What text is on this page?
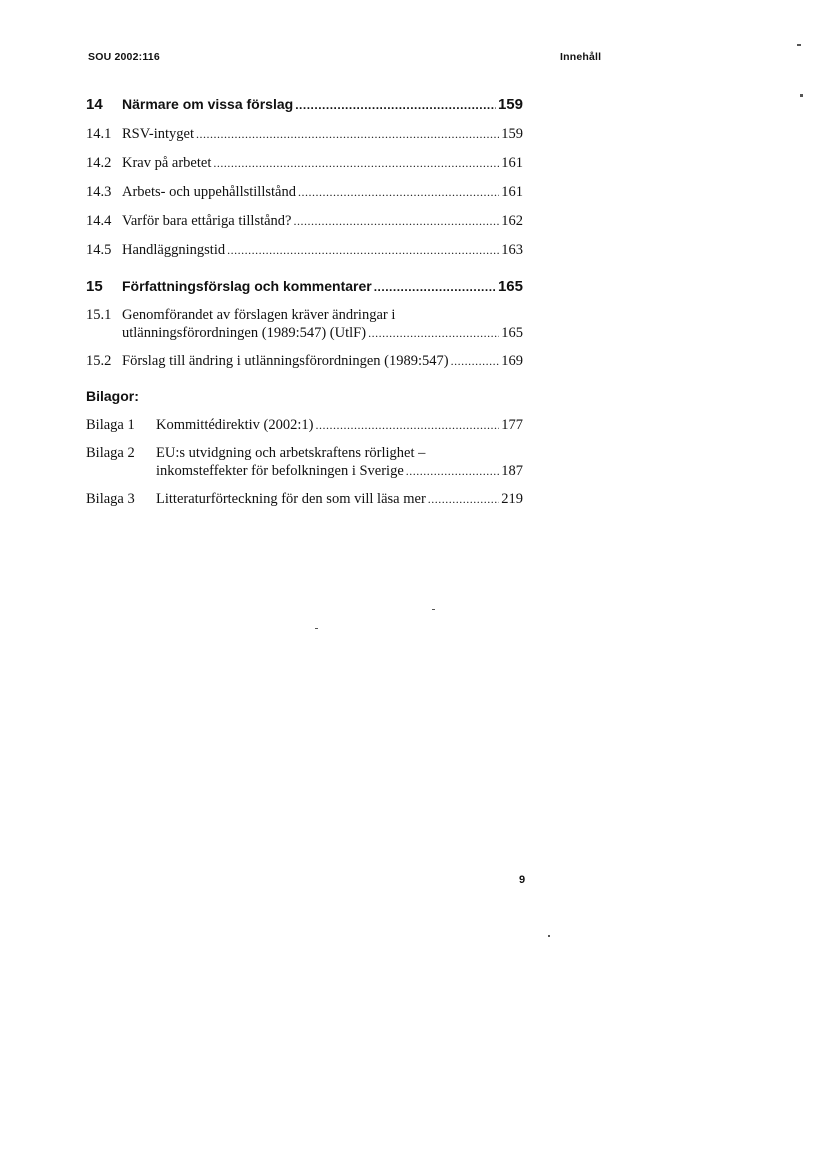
SOU 2002:116	Innehåll
14	Närmare om vissa förslag .....	159
14.1 RSV-intyget .....	159
14.2 Krav på arbetet .....	161
14.3 Arbets- och uppehållstillstånd .....	161
14.4 Varför bara ettåriga tillstånd? .....	162
14.5 Handläggningstid .....	163
15	Författningsförslag och kommentarer .....	165
15.1 Genomförandet av förslagen kräver ändringar i
utlänningsförordningen (1989:547) (UtlF) .....	165
15.2 Förslag till ändring i utlänningsförordningen (1989:547) .....	169
Bilagor:
Bilaga 1	Kommittédirektiv (2002:1) .....	177
Bilaga 2	EU:s utvidgning och arbetskraftens rörlighet –
inkomsteffekter för befolkningen i Sverige .....	187
Bilaga 3	Litteraturförteckning för den som vill läsa mer .....	219
9
